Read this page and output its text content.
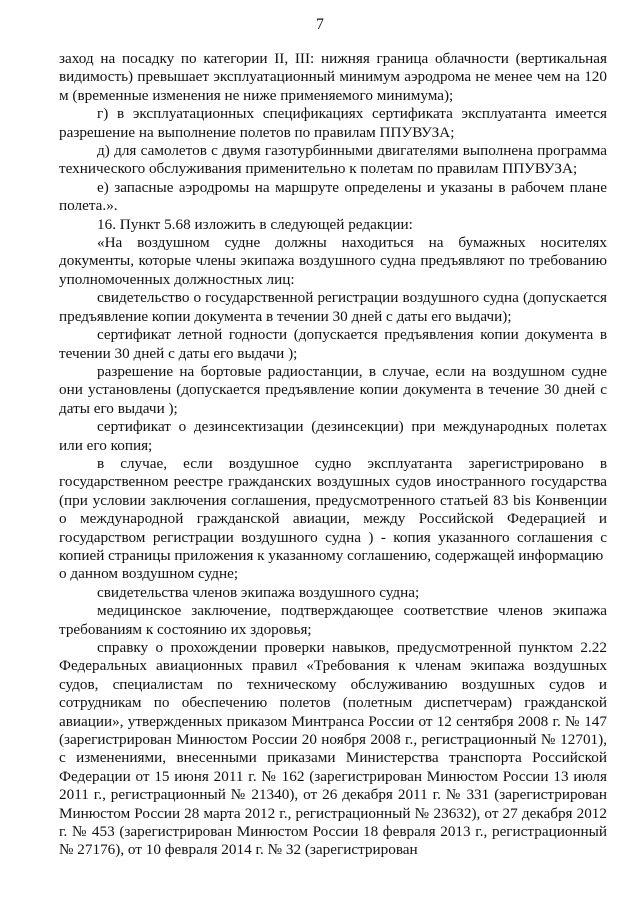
7

заход на посадку по категории II, III: нижняя граница облачности (вертикальная видимость) превышает эксплуатационный минимум аэродрома не менее чем на 120 м (временные изменения не ниже применяемого минимума);

г) в эксплуатационных спецификациях сертификата эксплуатанта имеется разрешение на выполнение полетов по правилам ППУВУЗА;

д) для самолетов с двумя газотурбинными двигателями выполнена программа технического обслуживания применительно к полетам по правилам ППУВУЗА;

е) запасные аэродромы на маршруте определены и указаны в рабочем плане полета.».

16. Пункт 5.68 изложить в следующей редакции:

«На воздушном судне должны находиться на бумажных носителях документы, которые члены экипажа воздушного судна предъявляют по требованию уполномоченных должностных лиц:

свидетельство о государственной регистрации воздушного судна (допускается предъявление копии документа в течении 30 дней с даты его выдачи);

сертификат летной годности (допускается предъявления копии документа в течении 30 дней с даты его выдачи );

разрешение на бортовые радиостанции, в случае, если на воздушном судне они установлены (допускается предъявление копии документа в течение 30 дней с даты его выдачи );

сертификат о дезинсектизации (дезинсекции) при международных полетах или его копия;

в случае, если воздушное судно эксплуатанта зарегистрировано в государственном реестре гражданских воздушных судов иностранного государства (при условии заключения соглашения, предусмотренного статьей 83 bis Конвенции о международной гражданской авиации, между Российской Федерацией и государством регистрации воздушного судна ) - копия указанного соглашения с копией страницы приложения к указанному соглашению, содержащей информацию

о данном воздушном судне;

свидетельства членов экипажа воздушного судна;

медицинское заключение, подтверждающее соответствие членов экипажа требованиям к состоянию их здоровья;

справку о прохождении проверки навыков, предусмотренной пунктом 2.22 Федеральных авиационных правил «Требования к членам экипажа воздушных судов, специалистам по техническому обслуживанию воздушных судов и сотрудникам по обеспечению полетов (полетным диспетчерам) гражданской авиации», утвержденных приказом Минтранса России от 12 сентября 2008 г. № 147 (зарегистрирован Минюстом России 20 ноября 2008 г., регистрационный № 12701), с изменениями, внесенными приказами Министерства транспорта Российской Федерации от 15 июня 2011 г. № 162 (зарегистрирован Минюстом России 13 июля 2011 г., регистрационный № 21340), от 26 декабря 2011 г. № 331 (зарегистрирован Минюстом России 28 марта 2012 г., регистрационный № 23632), от 27 декабря 2012 г. № 453 (зарегистрирован Минюстом России 18 февраля 2013 г., регистрационный № 27176), от 10 февраля 2014 г. № 32 (зарегистрирован
